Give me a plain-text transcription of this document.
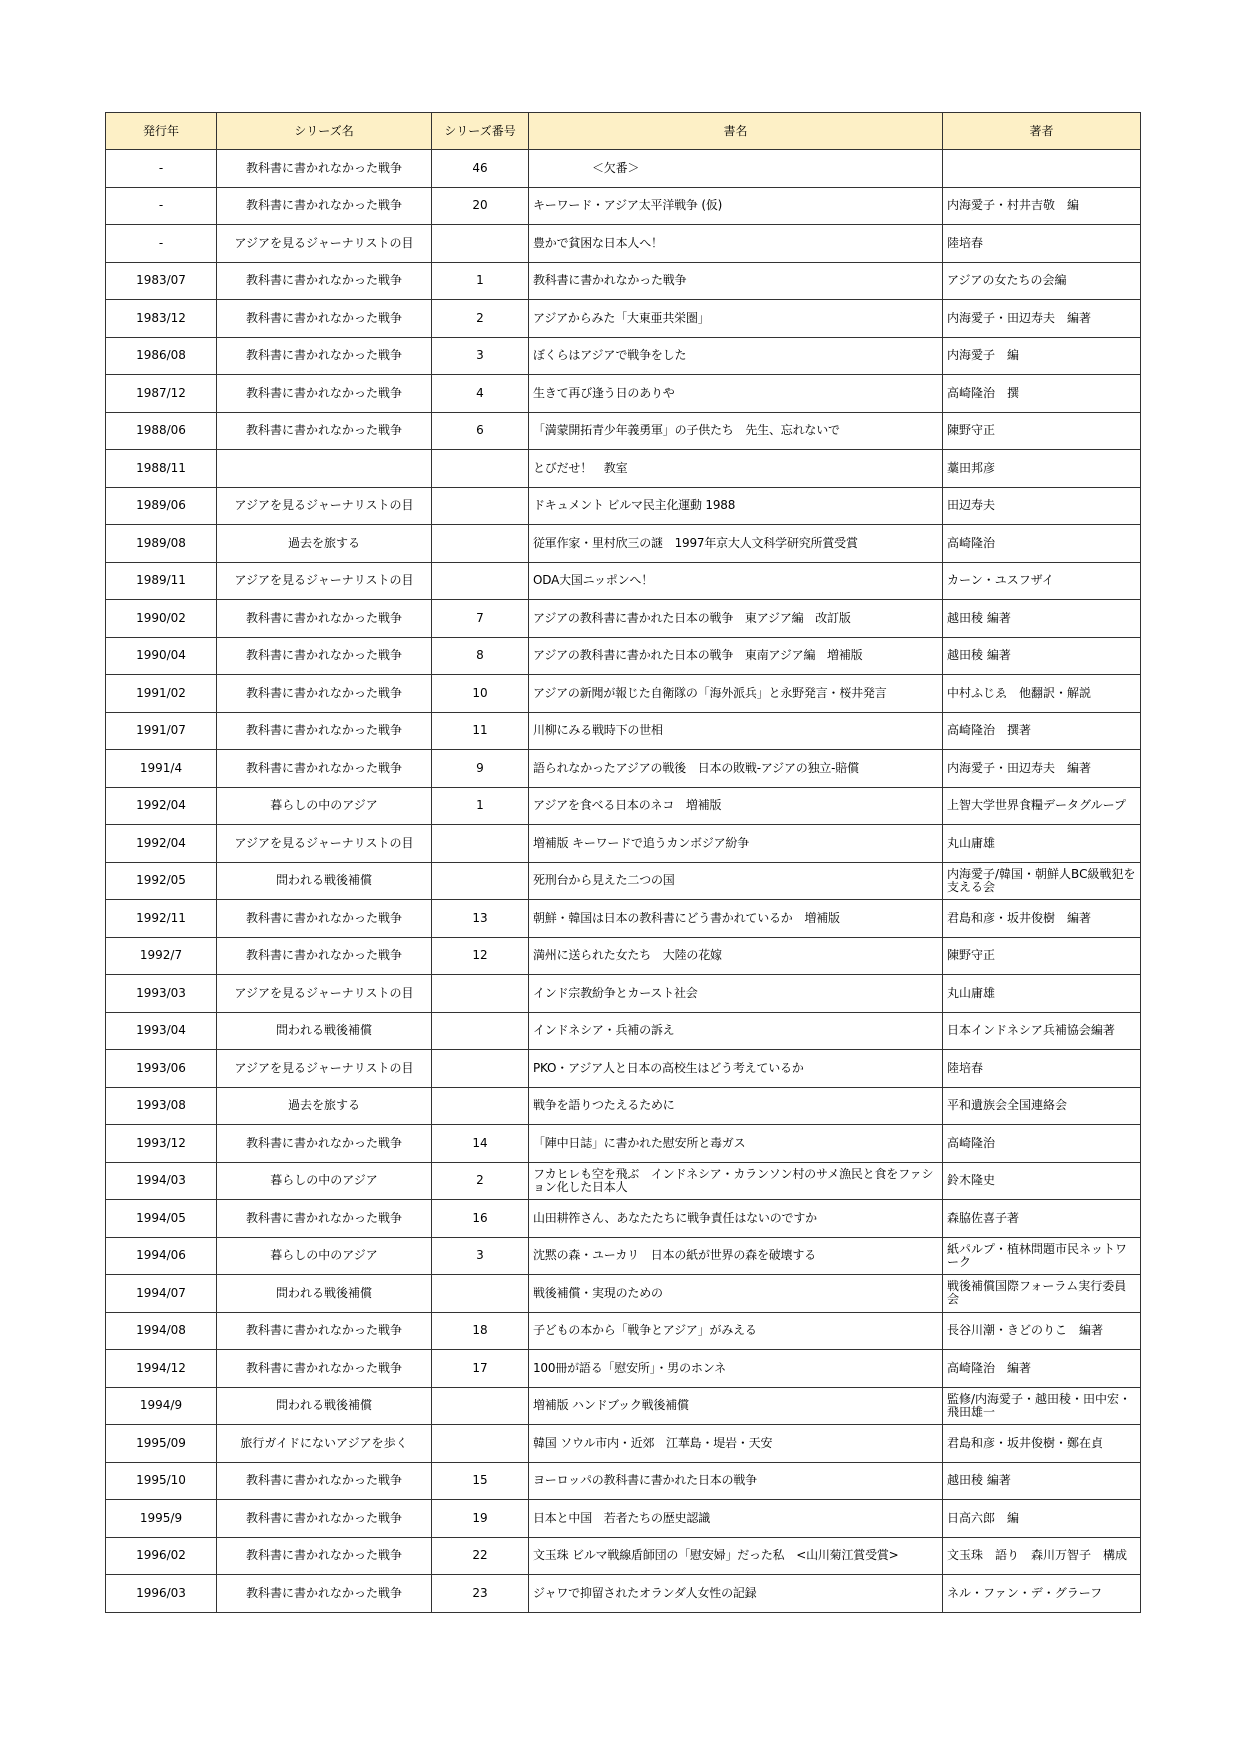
発行年	シリーズ名	シリーズ番号	書名	著者
-	教科書に書かれなかった戦争	46	　　　　　＜欠番＞	
-	教科書に書かれなかった戦争	20	キーワード・アジア太平洋戦争 (仮)	内海愛子・村井吉敬　編
-	アジアを見るジャーナリストの目		豊かで貧困な日本人へ！	陸培春
1983/07	教科書に書かれなかった戦争	1	教科書に書かれなかった戦争	アジアの女たちの会編
1983/12	教科書に書かれなかった戦争	2	アジアからみた「大東亜共栄圏」	内海愛子・田辺寿夫　編著
1986/08	教科書に書かれなかった戦争	3	ぼくらはアジアで戦争をした	内海愛子　編
1987/12	教科書に書かれなかった戦争	4	生きて再び逢う日のありや	高崎隆治　撰
1988/06	教科書に書かれなかった戦争	6	「満蒙開拓青少年義勇軍」の子供たち　先生、忘れないで	陳野守正
1988/11			とびだせ！　教室	藁田邦彦
1989/06	アジアを見るジャーナリストの目		ドキュメント ビルマ民主化運動 1988	田辺寿夫
1989/08	過去を旅する		従軍作家・里村欣三の謎　1997年京大人文科学研究所賞受賞	高崎隆治
1989/11	アジアを見るジャーナリストの目		ODA大国ニッポンへ！	カーン・ユスフザイ
1990/02	教科書に書かれなかった戦争	7	アジアの教科書に書かれた日本の戦争　東アジア編　改訂版	越田稜 編著
1990/04	教科書に書かれなかった戦争	8	アジアの教科書に書かれた日本の戦争　東南アジア編　増補版	越田稜 編著
1991/02	教科書に書かれなかった戦争	10	アジアの新聞が報じた自衛隊の「海外派兵」と永野発言・桜井発言	中村ふじゑ　他翻訳・解説
1991/07	教科書に書かれなかった戦争	11	川柳にみる戦時下の世相	高崎隆治　撰著
1991/4	教科書に書かれなかった戦争	9	語られなかったアジアの戦後　日本の敗戦-アジアの独立-賠償	内海愛子・田辺寿夫　編著
1992/04	暮らしの中のアジア	1	アジアを食べる日本のネコ　増補版	上智大学世界食糧データグループ
1992/04	アジアを見るジャーナリストの目		増補版 キーワードで追うカンボジア紛争	丸山庸雄
1992/05	問われる戦後補償		死刑台から見えた二つの国	内海愛子/韓国・朝鮮人BC級戦犯を支える会
1992/11	教科書に書かれなかった戦争	13	朝鮮・韓国は日本の教科書にどう書かれているか　増補版	君島和彦・坂井俊樹　編著
1992/7	教科書に書かれなかった戦争	12	満州に送られた女たち　大陸の花嫁	陳野守正
1993/03	アジアを見るジャーナリストの目		インド宗教紛争とカースト社会	丸山庸雄
1993/04	問われる戦後補償		インドネシア・兵補の訴え	日本インドネシア兵補協会編著
1993/06	アジアを見るジャーナリストの目		PKO・アジア人と日本の高校生はどう考えているか	陸培春
1993/08	過去を旅する		戦争を語りつたえるために	平和遺族会全国連絡会
1993/12	教科書に書かれなかった戦争	14	「陣中日誌」に書かれた慰安所と毒ガス	高崎隆治
1994/03	暮らしの中のアジア	2	フカヒレも空を飛ぶ　インドネシア・カランソン村のサメ漁民と食をファション化した日本人	鈴木隆史
1994/05	教科書に書かれなかった戦争	16	山田耕筰さん、あなたたちに戦争責任はないのですか	森脇佐喜子著
1994/06	暮らしの中のアジア	3	沈黙の森・ユーカリ　日本の紙が世界の森を破壊する	紙パルプ・植林問題市民ネットワーク
1994/07	問われる戦後補償		戦後補償・実現のための	戦後補償国際フォーラム実行委員会
1994/08	教科書に書かれなかった戦争	18	子どもの本から「戦争とアジア」がみえる	長谷川潮・きどのりこ　編著
1994/12	教科書に書かれなかった戦争	17	100冊が語る「慰安所」・男のホンネ	高崎隆治　編著
1994/9	問われる戦後補償		増補版 ハンドブック戦後補償	監修/内海愛子・越田稜・田中宏・飛田雄一
1995/09	旅行ガイドにないアジアを歩く		韓国 ソウル市内・近郊　江華島・堤岩・天安	君島和彦・坂井俊樹・鄭在貞
1995/10	教科書に書かれなかった戦争	15	ヨーロッパの教科書に書かれた日本の戦争	越田稜 編著
1995/9	教科書に書かれなかった戦争	19	日本と中国　若者たちの歴史認識	日高六郎　編
1996/02	教科書に書かれなかった戦争	22	文玉珠 ビルマ戦線盾師団の「慰安婦」だった私　<山川菊江賞受賞>	文玉珠　語り　森川万智子　構成
1996/03	教科書に書かれなかった戦争	23	ジャワで抑留されたオランダ人女性の記録	ネル・ファン・デ・グラーフ
